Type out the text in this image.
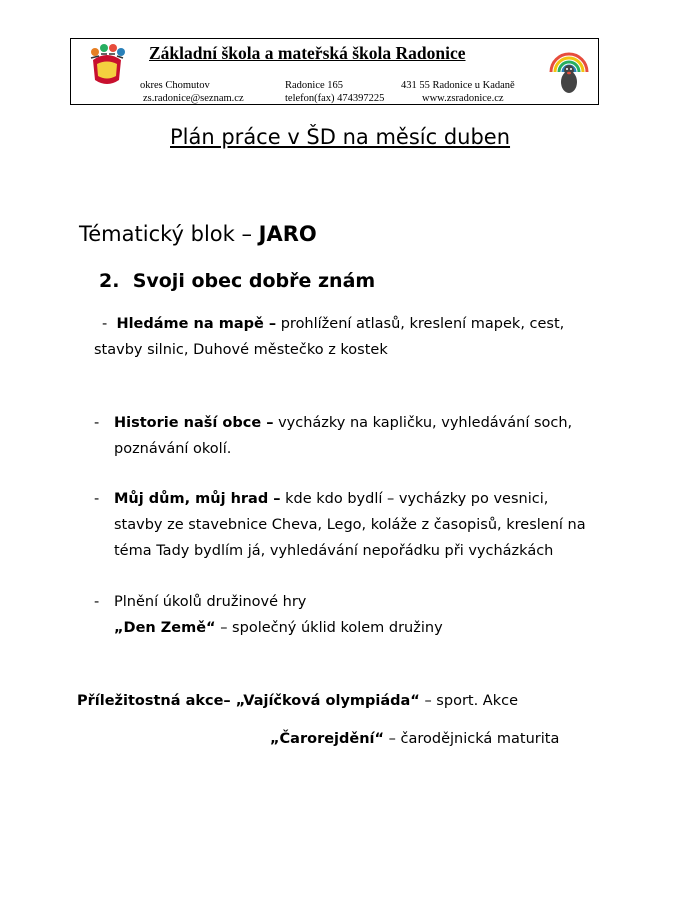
Základní škola a mateřská škola Radonice
okres Chomutov	Radonice 165	431 55 Radonice u Kadaně
zs.radonice@seznam.cz	telefon(fax) 474397225	www.zsradonice.cz
Plán práce v ŠD na měsíc duben
Tématický blok – JARO
2. Svoji obec dobře znám
- Hledáme na mapě – prohlížení atlasů, kreslení mapek, cest,
stavby silnic, Duhové městečko z kostek
- Historie naší obce – vycházky na kapličku, vyhledávání soch,
poznávání okolí.
- Můj dům, můj hrad – kde kdo bydlí – vycházky po vesnici,
stavby ze stavebnice Cheva, Lego, koláže z časopisů, kreslení na
téma Tady bydlím já, vyhledávání nepořádku při vycházkách
- Plnění úkolů družinové hry
„Den Země“ – společný úklid kolem družiny
Příležitostná akce– „Vajíčková olympiáda“ – sport. Akce
„Čarorejdění“ – čarodějnická maturita
